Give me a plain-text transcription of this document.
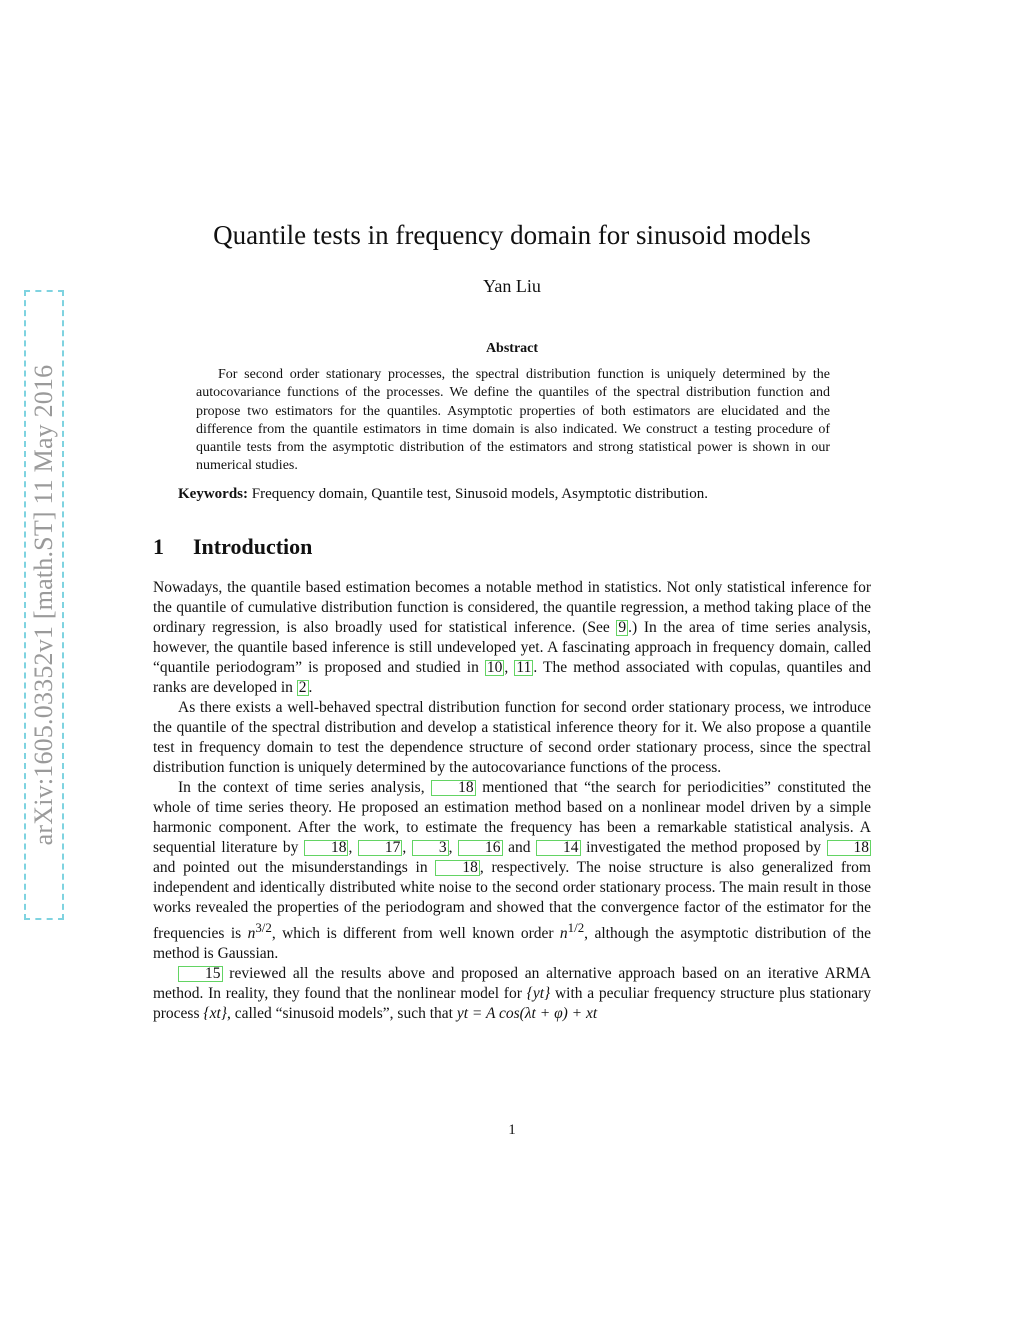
arXiv:1605.03352v1 [math.ST] 11 May 2016
Quantile tests in frequency domain for sinusoid models
Yan Liu
Abstract

For second order stationary processes, the spectral distribution function is uniquely determined by the autocovariance functions of the processes. We define the quantiles of the spectral distribution function and propose two estimators for the quantiles. Asymptotic properties of both estimators are elucidated and the difference from the quantile estimators in time domain is also indicated. We construct a testing procedure of quantile tests from the asymptotic distribution of the estimators and strong statistical power is shown in our numerical studies.

Keywords: Frequency domain, Quantile test, Sinusoid models, Asymptotic distribution.
1 Introduction

Nowadays, the quantile based estimation becomes a notable method in statistics. Not only statistical inference for the quantile of cumulative distribution function is considered, the quantile regression, a method taking place of the ordinary regression, is also broadly used for statistical inference. (See 9 .) In the area of time series analysis, however, the quantile based inference is still undeveloped yet. A fascinating approach in frequency domain, called “quantile periodogram” is proposed and studied in 10 , 11 . The method associated with copulas, quantiles and ranks are developed in 2 .

As there exists a well-behaved spectral distribution function for second order stationary process, we introduce the quantile of the spectral distribution and develop a statistical inference theory for it. We also propose a quantile test in frequency domain to test the dependence structure of second order stationary process, since the spectral distribution function is uniquely determined by the autocovariance functions of the process.

In the context of time series analysis, 18 mentioned that “the search for periodicities” constituted the whole of time series theory. He proposed an estimation method based on a nonlinear model driven by a simple harmonic component. After the work, to estimate the frequency has been a remarkable statistical analysis. A sequential literature by 18 , 17 , 3 , 16 and 14 investigated the method proposed by 18 and pointed out the misunderstandings in 18 , respectively. The noise structure is also generalized from independent and identically distributed white noise to the second order stationary process. The main result in those works revealed the properties of the periodogram and showed that the convergence factor of the estimator for the frequencies is $n^{3/2}$, which is different from well known order $n^{1/2}$, although the asymptotic distribution of the method is Gaussian.

15 reviewed all the results above and proposed an alternative approach based on an iterative ARMA method. In reality, they found that the nonlinear model for {yt} with a peculiar frequency structure plus stationary process {xt}, called “sinusoid models”, such that yt = A cos(λt + φ) + xt

1
